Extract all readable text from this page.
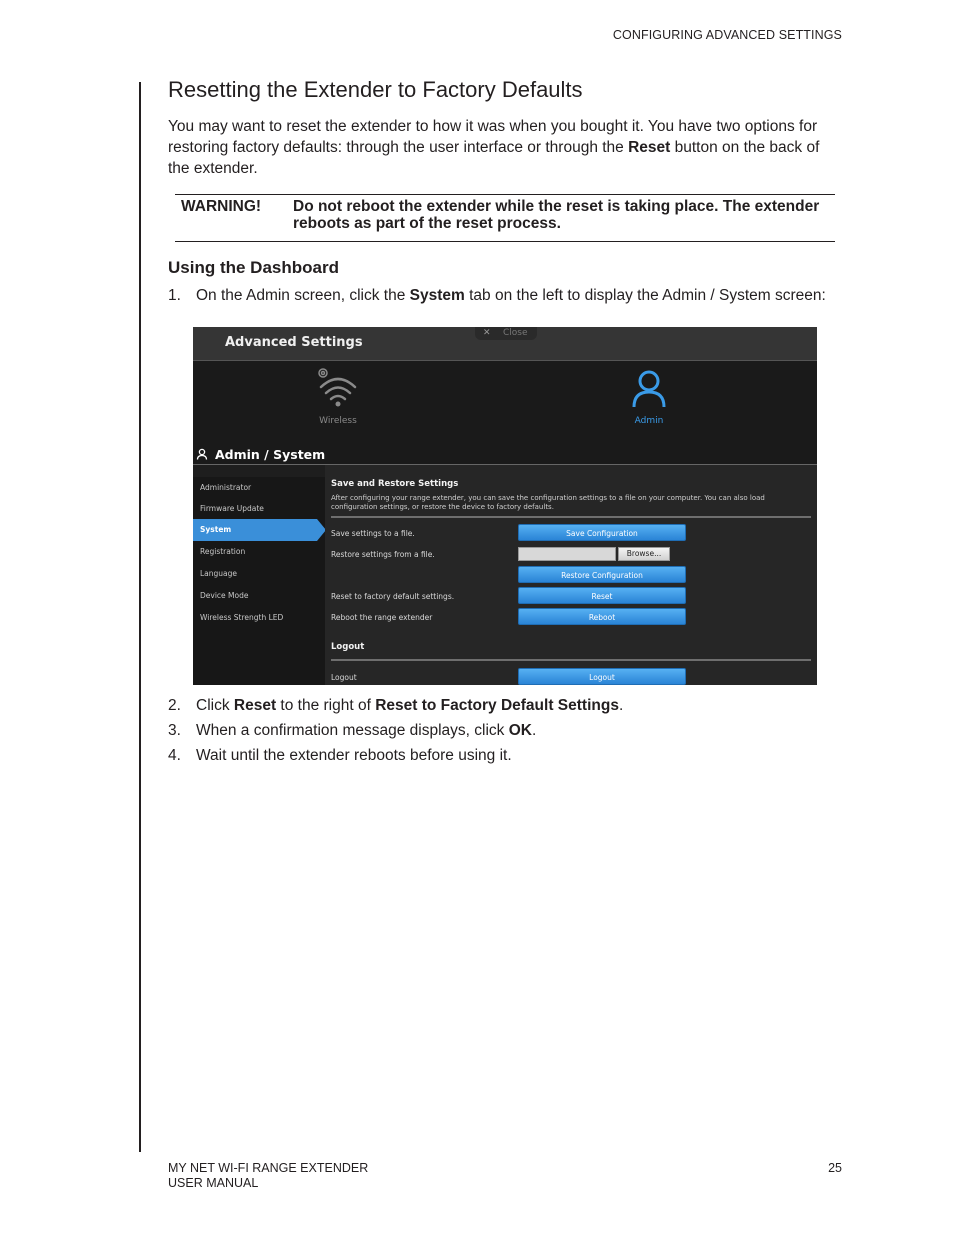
CONFIGURING ADVANCED SETTINGS
Resetting the Extender to Factory Defaults

You may want to reset the extender to how it was when you bought it. You have two options for restoring factory defaults: through the user interface or through the Reset button on the back of the extender.

WARNING! Do not reboot the extender while the reset is taking place. The extender reboots as part of the reset process.
Using the Dashboard
1. On the Admin screen, click the System tab on the left to display the Admin / System screen:
Advanced Settings
✕ Close
Wireless	Admin
Admin / System
Administrator
Firmware Update
System
Registration
Language
Device Mode
Wireless Strength LED
Save and Restore Settings
After configuring your range extender, you can save the configuration settings to a file on your computer. You can also load configuration settings, or restore the device to factory defaults.
Save settings to a file.	Save Configuration
Restore settings from a file.	Browse...
Restore Configuration
Reset to factory default settings.	Reset
Reboot the range extender	Reboot
Logout
Logout	Logout
2. Click Reset to the right of Reset to Factory Default Settings.
3. When a confirmation message displays, click OK.
4. Wait until the extender reboots before using it.
MY NET WI-FI RANGE EXTENDER
USER MANUAL
25
